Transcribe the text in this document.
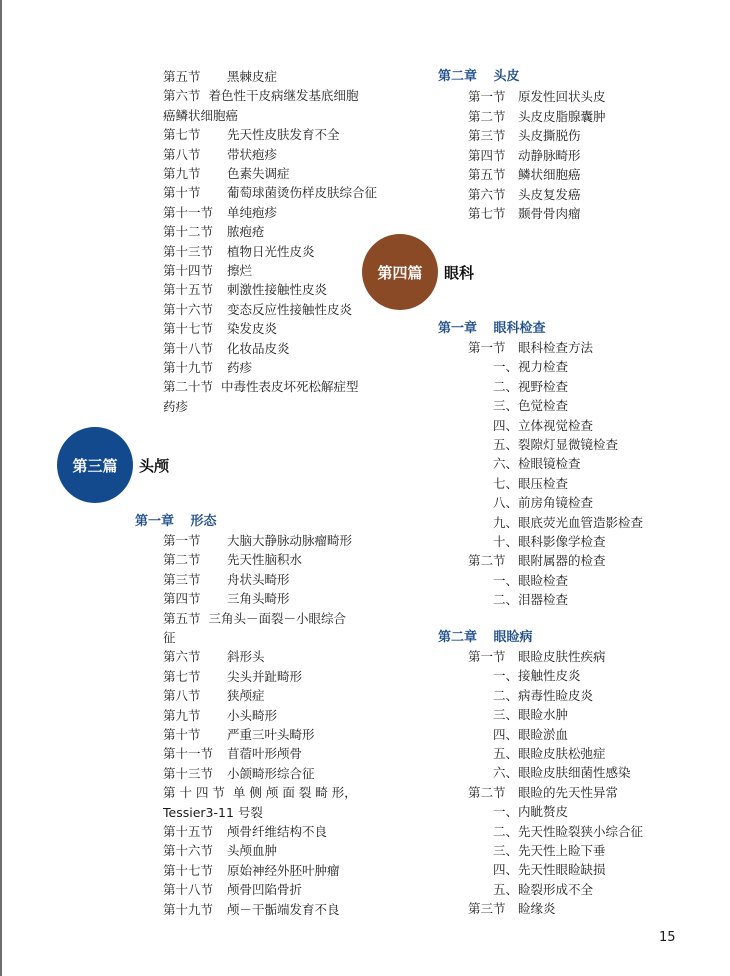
第五节 黑棘皮症
第六节 着色性干皮病继发基底细胞
癌鳞状细胞癌
第七节 先天性皮肤发育不全
第八节 带状疱疹
第九节 色素失调症
第十节 葡萄球菌烫伤样皮肤综合征
第十一节 单纯疱疹
第十二节 脓疱疮
第十三节 植物日光性皮炎
第十四节 擦烂
第十五节 刺激性接触性皮炎
第十六节 变态反应性接触性皮炎
第十七节 染发皮炎
第十八节 化妆品皮炎
第十九节 药疹
第二十节 中毒性表皮坏死松解症型
药疹
第三篇	头颅
第一章 形态
第一节 大脑大静脉动脉瘤畸形
第二节 先天性脑积水
第三节 舟状头畸形
第四节 三角头畸形
第五节 三角头－面裂－小眼综合
征
第六节 斜形头
第七节 尖头并趾畸形
第八节 狭颅症
第九节 小头畸形
第十节 严重三叶头畸形
第十一节 苜蓿叶形颅骨
第十三节 小颌畸形综合征
第 十 四 节 单 侧 颅 面 裂 畸 形，
Tessier3-11 号裂
第十五节 颅骨纤维结构不良
第十六节 头颅血肿
第十七节 原始神经外胚叶肿瘤
第十八节 颅骨凹陷骨折
第十九节 颅－干骺端发育不良
第二章 头皮
第一节 原发性回状头皮
第二节 头皮皮脂腺囊肿
第三节 头皮撕脱伤
第四节 动静脉畸形
第五节 鳞状细胞癌
第六节 头皮复发癌
第七节 颞骨骨肉瘤
第四篇	眼科
第一章 眼科检查
第一节 眼科检查方法
一、视力检查
二、视野检查
三、色觉检查
四、立体视觉检查
五、裂隙灯显微镜检查
六、检眼镜检查
七、眼压检查
八、前房角镜检查
九、眼底荧光血管造影检查
十、眼科影像学检查
第二节 眼附属器的检查
一、眼睑检查
二、泪器检查
第二章 眼睑病
第一节 眼睑皮肤性疾病
一、接触性皮炎
二、病毒性睑皮炎
三、眼睑水肿
四、眼睑淤血
五、眼睑皮肤松弛症
六、眼睑皮肤细菌性感染
第二节 眼睑的先天性异常
一、内眦赘皮
二、先天性睑裂狭小综合征
三、先天性上睑下垂
四、先天性眼睑缺损
五、睑裂形成不全
第三节 睑缘炎
15
